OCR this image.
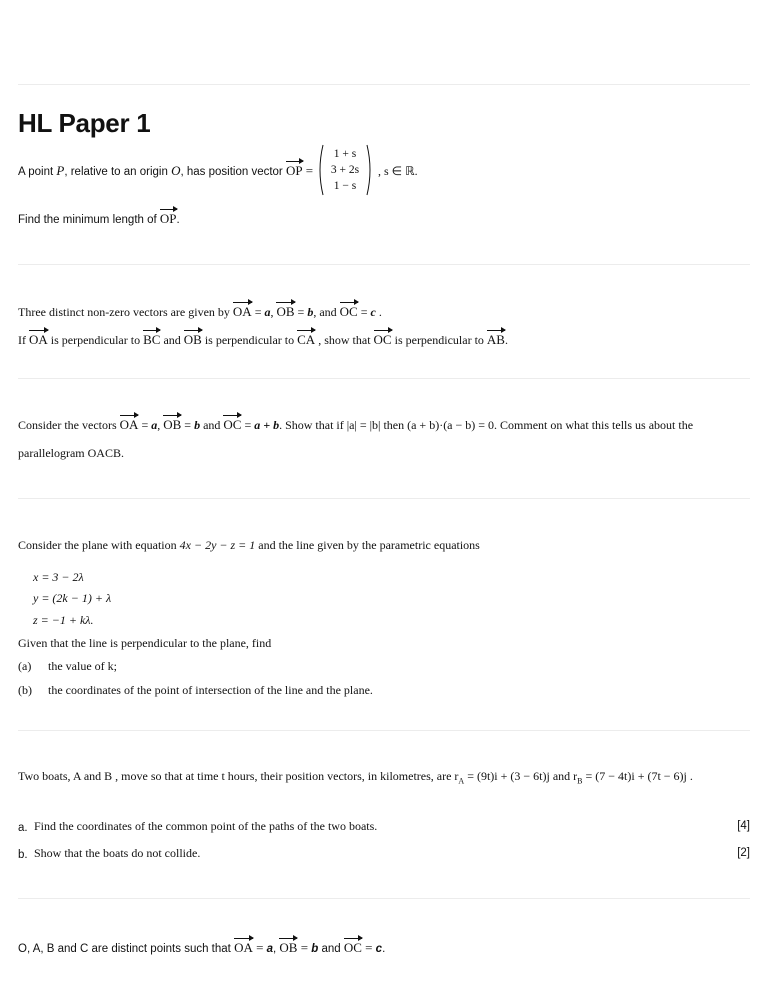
HL Paper 1
A point P, relative to an origin O, has position vector OP =
1 + s
3 + 2s
1 − s
, s ∈ ℝ.
Find the minimum length of OP.
Three distinct non-zero vectors are given by OA = a, OB = b, and OC = c .
If OA is perpendicular to BC and OB is perpendicular to CA , show that OC is perpendicular to AB.
Consider the vectors OA = a, OB = b and OC = a + b. Show that if |a| = |b| then (a + b)·(a − b) = 0. Comment on what this tells us about the
parallelogram OACB.
Consider the plane with equation 4x − 2y − z = 1 and the line given by the parametric equations
x = 3 − 2λ
y = (2k − 1) + λ
z = −1 + kλ.
Given that the line is perpendicular to the plane, find
(a) the value of k;
(b) the coordinates of the point of intersection of the line and the plane.
Two boats, A and B , move so that at time t hours, their position vectors, in kilometres, are $r_A = (9t)i + (3 - 6t)j$ and $r_B = (7 - 4t)i + (7t - 6)j$ .
a. Find the coordinates of the common point of the paths of the two boats.	[4]
b. Show that the boats do not collide.	[2]
O, A, B and C are distinct points such that OA = a, OB = b and OC = c.
